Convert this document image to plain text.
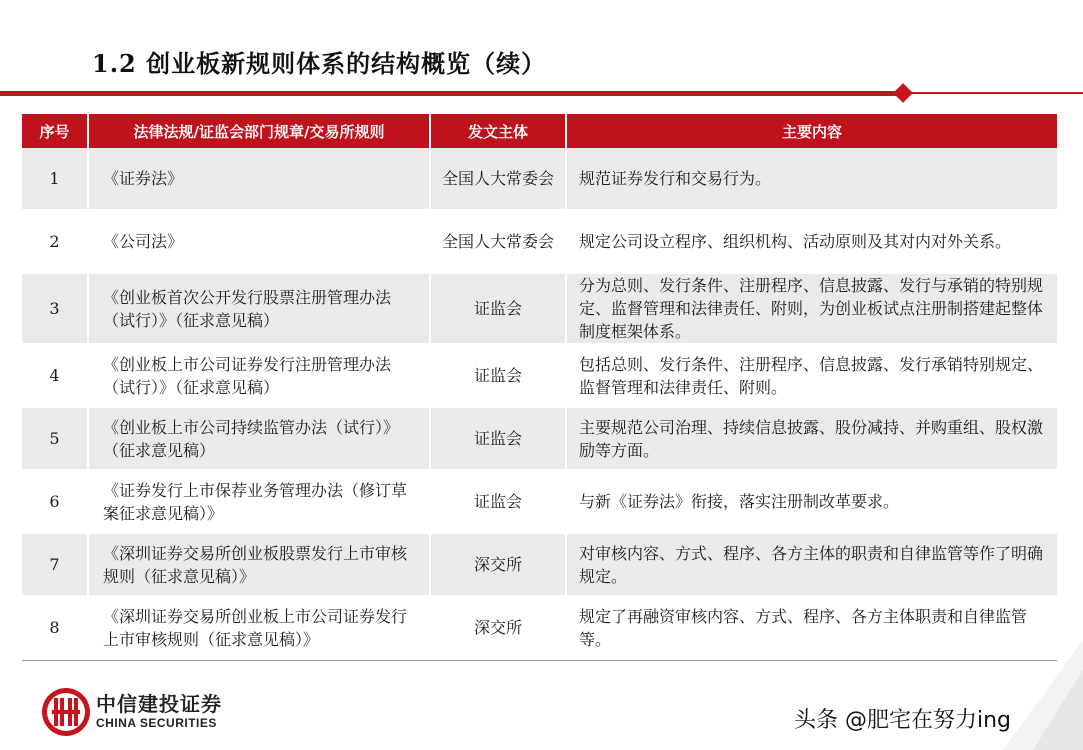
1.2 创业板新规则体系的结构概览（续）
序号	法律法规/证监会部门规章/交易所规则	发文主体	主要内容
1	《证券法》	全国人大常委会	规范证券发行和交易行为。
2	《公司法》	全国人大常委会	规定公司设立程序、组织机构、活动原则及其对内对外关系。
3	《创业板首次公开发行股票注册管理办法（试行）》（征求意见稿）	证监会	分为总则、发行条件、注册程序、信息披露、发行与承销的特别规定、监督管理和法律责任、附则，为创业板试点注册制搭建起整体制度框架体系。
4	《创业板上市公司证券发行注册管理办法（试行）》（征求意见稿）	证监会	包括总则、发行条件、注册程序、信息披露、发行承销特别规定、监督管理和法律责任、附则。
5	《创业板上市公司持续监管办法（试行）》（征求意见稿）	证监会	主要规范公司治理、持续信息披露、股份减持、并购重组、股权激励等方面。
6	《证券发行上市保荐业务管理办法（修订草案征求意见稿）》	证监会	与新《证券法》衔接，落实注册制改革要求。
7	《深圳证券交易所创业板股票发行上市审核规则（征求意见稿）》	深交所	对审核内容、方式、程序、各方主体的职责和自律监管等作了明确规定。
8	《深圳证券交易所创业板上市公司证券发行上市审核规则（征求意见稿）》	深交所	规定了再融资审核内容、方式、程序、各方主体职责和自律监管等。
中信建投证券
CHINA SECURITIES	头条 @肥宅在努力ing
